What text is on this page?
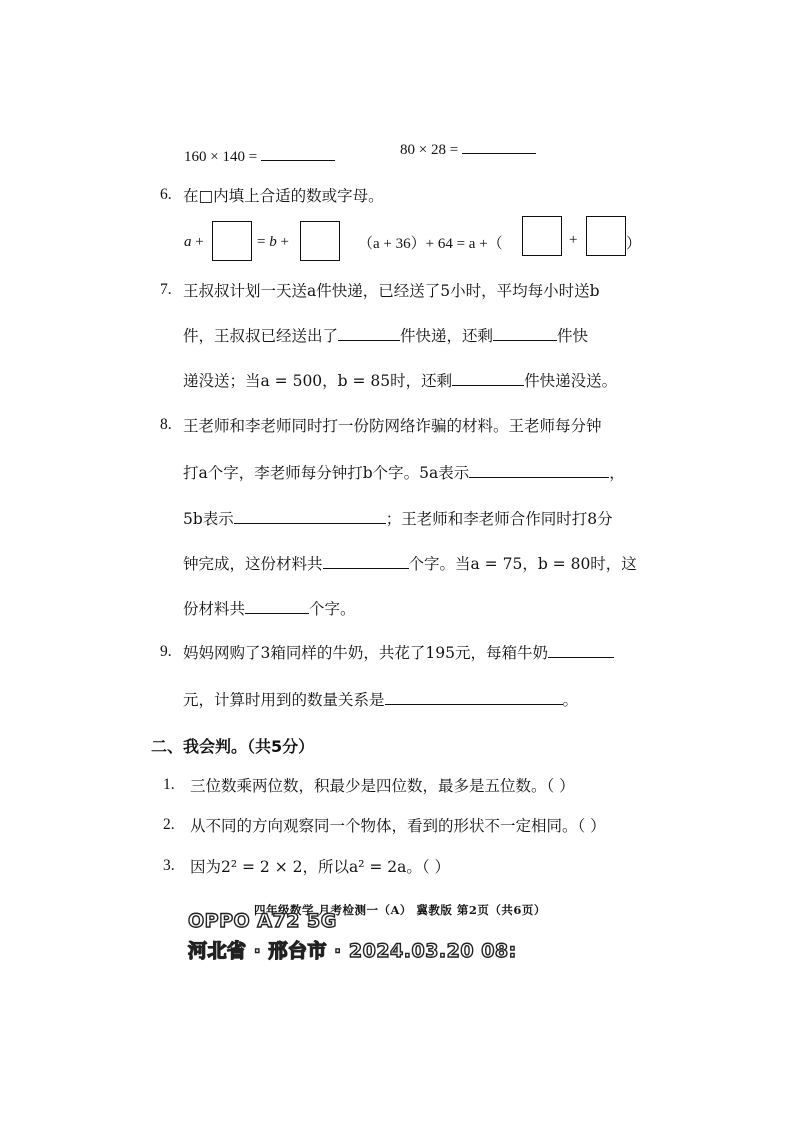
160 × 140 =	80 × 28 =
6. 在□内填上合适的数或字母。
a +	= b +	（a + 36）+ 64 = a +（	+	）
7. 王叔叔计划一天送a件快递，已经送了5小时，平均每小时送b
件，王叔叔已经送出了	件快递，还剩	件快
递没送；当a = 500，b = 85时，还剩	件快递没送。
8. 王老师和李老师同时打一份防网络诈骗的材料。王老师每分钟
打a个字，李老师每分钟打b个字。5a表示	，
5b表示	；王老师和李老师合作同时打8分
钟完成，这份材料共	个字。当a = 75，b = 80时，这
份材料共	个字。
9. 妈妈网购了3箱同样的牛奶，共花了195元，每箱牛奶
元，计算时用到的数量关系是	。
二、我会判。（共5分）
1. 三位数乘两位数，积最少是四位数，最多是五位数。（ ）
2. 从不同的方向观察同一个物体，看到的形状不一定相同。（ ）
3. 因为2² = 2 × 2，所以a² = 2a。（ ）
四年级数学 月考检测一（A） 冀教版 第2页（共6页）
OPPO A72 5G
河北省 · 邢台市 · 2024.03.20 08:
